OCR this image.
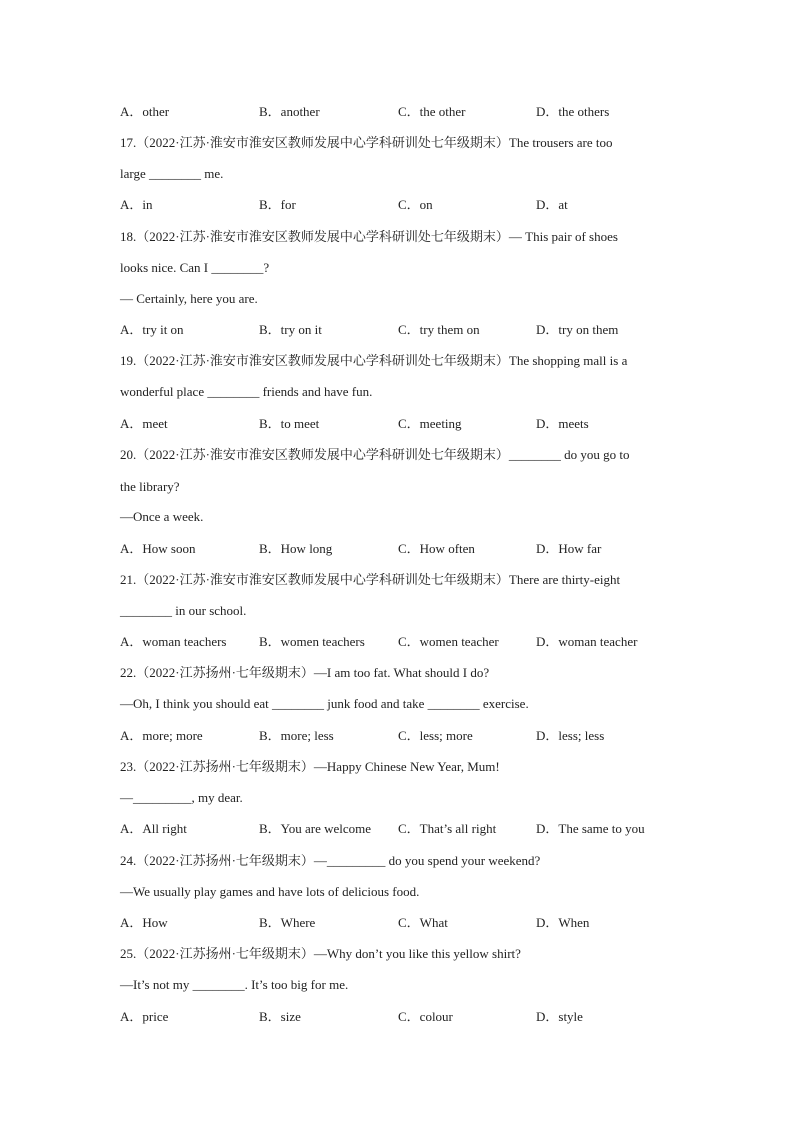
A．other	B．another	C．the other	D．the others
17.（2022·江苏·淮安市淮安区教师发展中心学科研训处七年级期末）The trousers are too
large ________ me.
A．in	B．for	C．on	D．at
18.（2022·江苏·淮安市淮安区教师发展中心学科研训处七年级期末）— This pair of shoes
looks nice. Can I ________?
— Certainly, here you are.
A．try it on	B．try on it	C．try them on	D．try on them
19.（2022·江苏·淮安市淮安区教师发展中心学科研训处七年级期末）The shopping mall is a
wonderful place ________ friends and have fun.
A．meet	B．to meet	C．meeting	D．meets
20.（2022·江苏·淮安市淮安区教师发展中心学科研训处七年级期末）________ do you go to
the library?
—Once a week.
A．How soon	B．How long	C．How often	D．How far
21.（2022·江苏·淮安市淮安区教师发展中心学科研训处七年级期末）There are thirty-eight
________ in our school.
A．woman teachers	B．women teachers	C．women teacher	D．woman teacher
22.（2022·江苏扬州·七年级期末）—I am too fat. What should I do?
—Oh, I think you should eat ________ junk food and take ________ exercise.
A．more; more	B．more; less	C．less; more	D．less; less
23.（2022·江苏扬州·七年级期末）—Happy Chinese New Year, Mum!
—_________, my dear.
A．All right	B．You are welcome C．That’s all right	D．The same to you
24.（2022·江苏扬州·七年级期末）—_________ do you spend your weekend?
—We usually play games and have lots of delicious food.
A．How	B．Where	C．What	D．When
25.（2022·江苏扬州·七年级期末）—Why don’t you like this yellow shirt?
—It’s not my ________. It’s too big for me.
A．price	B．size	C．colour	D．style
